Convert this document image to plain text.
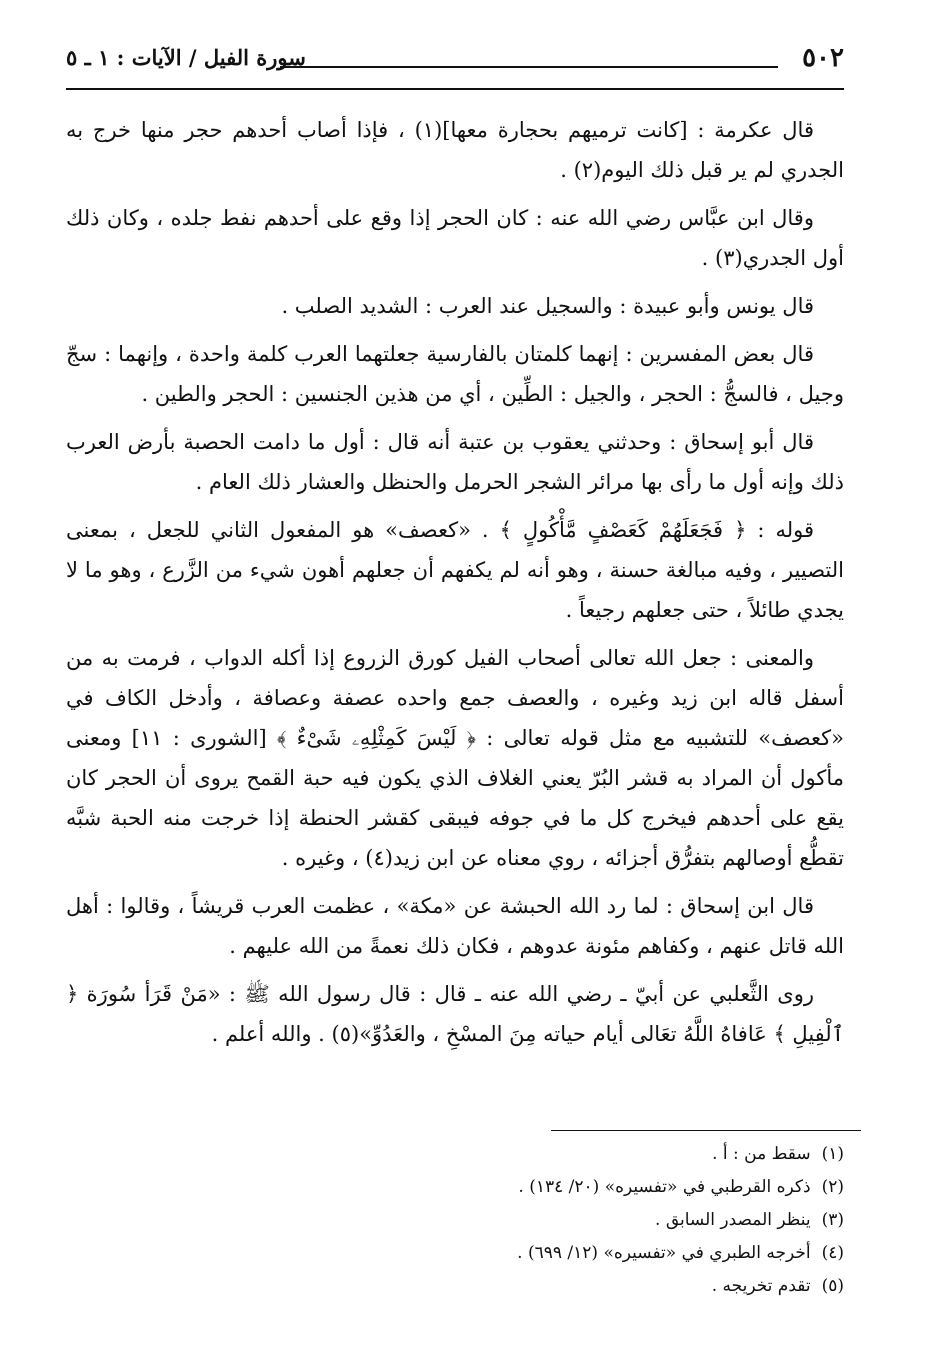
٥٠٢
سورة الفيل / الآيات : ١ ـ ٥

قال عكرمة : [كانت ترميهم بحجارة معها](١) ، فإذا أصاب أحدهم حجر منها خرج به الجدري لم ير قبل ذلك اليوم(٢) .

وقال ابن عبَّاس رضي الله عنه : كان الحجر إذا وقع على أحدهم نفط جلده ، وكان ذلك أول الجدري(٣) .

قال يونس وأبو عبيدة : والسجيل عند العرب : الشديد الصلب .

قال بعض المفسرين : إنهما كلمتان بالفارسية جعلتهما العرب كلمة واحدة ، وإنهما : سجّ وجيل ، فالسجُّ : الحجر ، والجيل : الطِّين ، أي من هذين الجنسين : الحجر والطين .

قال أبو إسحاق : وحدثني يعقوب بن عتبة أنه قال : أول ما دامت الحصبة بأرض العرب ذلك وإنه أول ما رأى بها مرائر الشجر الحرمل والحنظل والعشار ذلك العام .

قوله : ﴿ فَجَعَلَهُمْ كَعَصْفٍ مَّأْكُولٍ ﴾ . «كعصف» هو المفعول الثاني للجعل ، بمعنى التصيير ، وفيه مبالغة حسنة ، وهو أنه لم يكفهم أن جعلهم أهون شيء من الزَّرع ، وهو ما لا يجدي طائلاً ، حتى جعلهم رجيعاً .

والمعنى : جعل الله تعالى أصحاب الفيل كورق الزروع إذا أكله الدواب ، فرمت به من أسفل قاله ابن زيد وغيره ، والعصف جمع واحده عصفة وعصافة ، وأدخل الكاف في «كعصف» للتشبيه مع مثل قوله تعالى : ﴿ لَيْسَ كَمِثْلِهِۦ شَىْءٌ ﴾ [الشورى : ١١] ومعنى مأكول أن المراد به قشر البُرّ يعني الغلاف الذي يكون فيه حبة القمح يروى أن الحجر كان يقع على أحدهم فيخرج كل ما في جوفه فيبقى كقشر الحنطة إذا خرجت منه الحبة شبَّه تقطُّع أوصالهم بتفرُّق أجزائه ، روي معناه عن ابن زيد(٤) ، وغيره .

قال ابن إسحاق : لما رد الله الحبشة عن «مكة» ، عظمت العرب قريشاً ، وقالوا : أهل الله قاتل عنهم ، وكفاهم مئونة عدوهم ، فكان ذلك نعمةً من الله عليهم .

روى الثَّعلبي عن أبيّ ـ رضي الله عنه ـ قال : قال رسول الله ﷺ : «مَنْ قَرَأ سُورَة ﴿ ٱلْفِيلِ ﴾ عَافاهُ اللَّهُ تعَالى أيام حياته مِنَ المسْخِ ، والعَدُوِّ»(٥) . والله أعلم .

(١) سقط من : أ .
(٢) ذكره القرطبي في «تفسيره» (٢٠/ ١٣٤) .
(٣) ينظر المصدر السابق .
(٤) أخرجه الطبري في «تفسيره» (١٢/ ٦٩٩) .
(٥) تقدم تخريجه .
